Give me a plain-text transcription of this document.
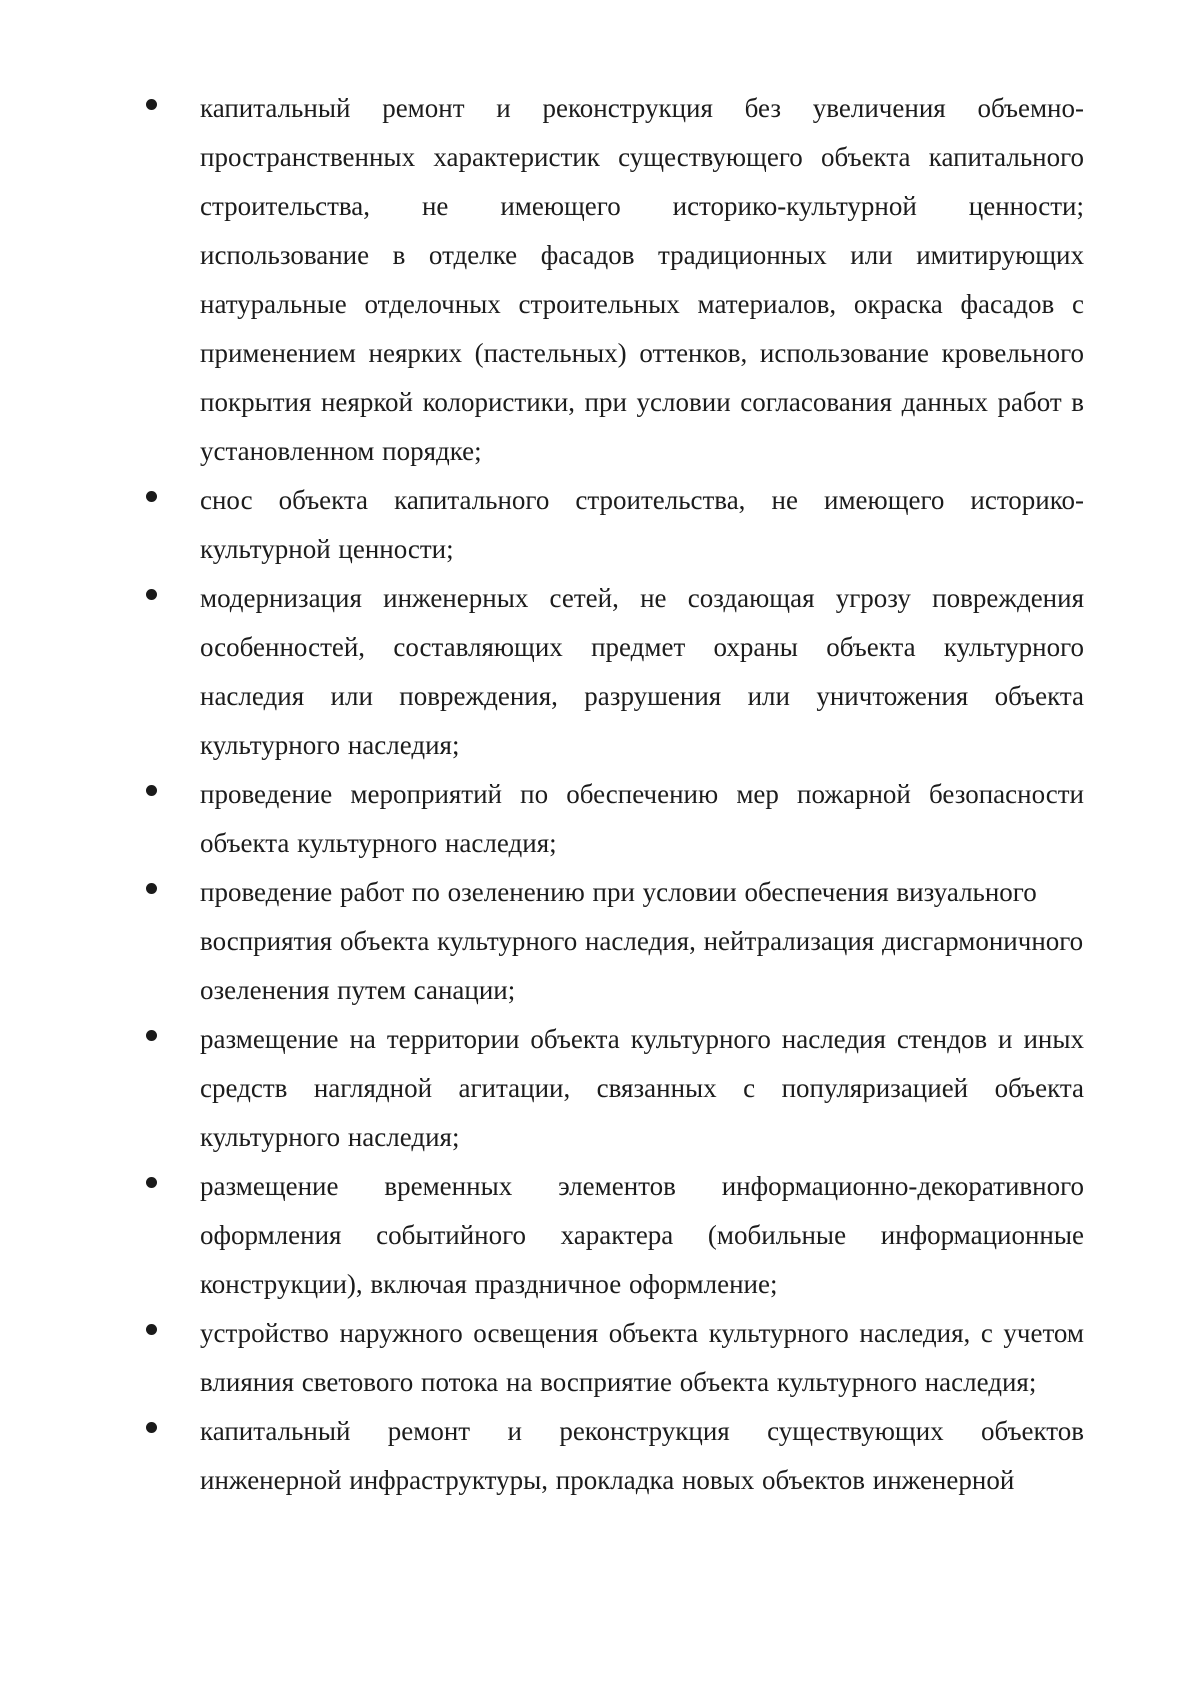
капитальный ремонт и реконструкция без увеличения объемно-пространственных характеристик существующего объекта капитального строительства, не имеющего историко-культурной ценности; использование в отделке фасадов традиционных или имитирующих натуральные отделочных строительных материалов, окраска фасадов с применением неярких (пастельных) оттенков, использование кровельного покрытия неяркой колористики, при условии согласования данных работ в установленном порядке;
снос объекта капитального строительства, не имеющего историко-культурной ценности;
модернизация инженерных сетей, не создающая угрозу повреждения особенностей, составляющих предмет охраны объекта культурного наследия или повреждения, разрушения или уничтожения объекта культурного наследия;
проведение мероприятий по обеспечению мер пожарной безопасности объекта культурного наследия;
проведение работ по озеленению при условии обеспечения визуального восприятия объекта культурного наследия, нейтрализация дисгармоничного озеленения путем санации;
размещение на территории объекта культурного наследия стендов и иных средств наглядной агитации, связанных с популяризацией объекта культурного наследия;
размещение временных элементов информационно-декоративного оформления событийного характера (мобильные информационные конструкции), включая праздничное оформление;
устройство наружного освещения объекта культурного наследия, с учетом влияния светового потока на восприятие объекта культурного наследия;
капитальный ремонт и реконструкция существующих объектов инженерной инфраструктуры, прокладка новых объектов инженерной
